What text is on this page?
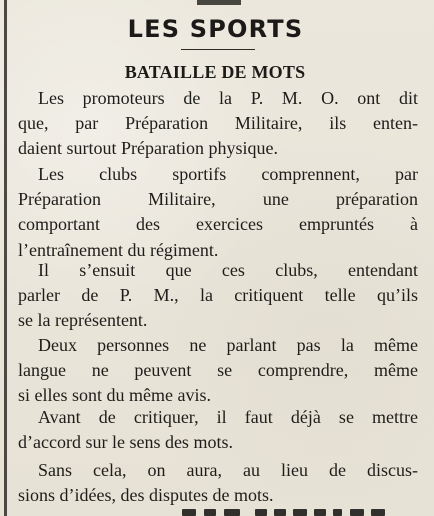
LES SPORTS
BATAILLE DE MOTS
Les promoteurs de la P. M. O. ont dit
que, par Préparation Militaire, ils enten-
daient surtout Préparation physique.
Les clubs sportifs comprennent, par
Préparation Militaire, une préparation
comportant des exercices empruntés à
l’entraînement du régiment.
Il s’ensuit que ces clubs, entendant
parler de P. M., la critiquent telle qu’ils
se la représentent.
Deux personnes ne parlant pas la même
langue ne peuvent se comprendre, même
si elles sont du même avis.
Avant de critiquer, il faut déjà se mettre
d’accord sur le sens des mots.
Sans cela, on aura, au lieu de discus-
sions d’idées, des disputes de mots.
